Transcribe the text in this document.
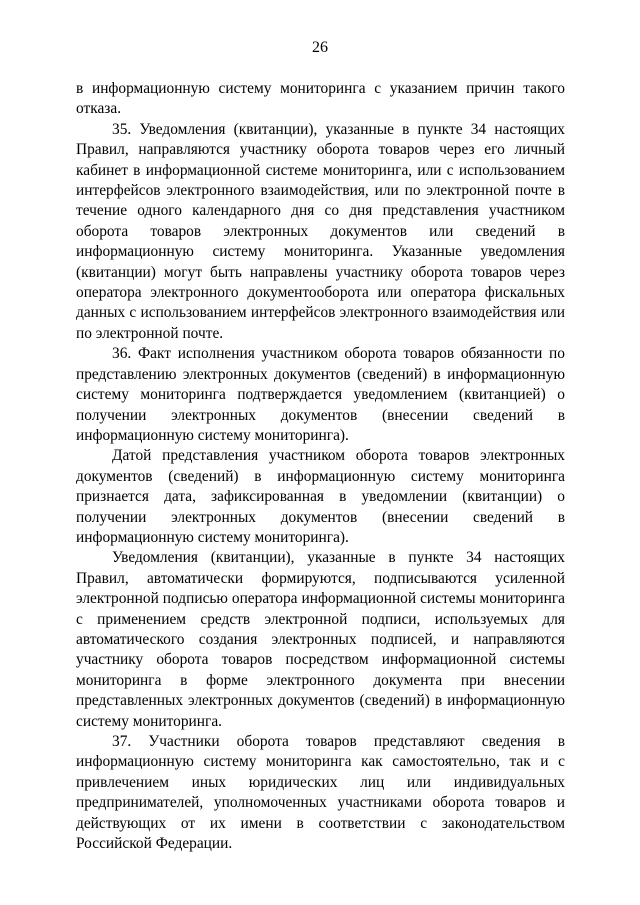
26

в информационную систему мониторинга с указанием причин такого отказа.

35. Уведомления (квитанции), указанные в пункте 34 настоящих Правил, направляются участнику оборота товаров через его личный кабинет в информационной системе мониторинга, или с использованием интерфейсов электронного взаимодействия, или по электронной почте в течение одного календарного дня со дня представления участником оборота товаров электронных документов или сведений в информационную систему мониторинга. Указанные уведомления (квитанции) могут быть направлены участнику оборота товаров через оператора электронного документооборота или оператора фискальных данных с использованием интерфейсов электронного взаимодействия или по электронной почте.

36. Факт исполнения участником оборота товаров обязанности по представлению электронных документов (сведений) в информационную систему мониторинга подтверждается уведомлением (квитанцией) о получении электронных документов (внесении сведений в информационную систему мониторинга).

Датой представления участником оборота товаров электронных документов (сведений) в информационную систему мониторинга признается дата, зафиксированная в уведомлении (квитанции) о получении электронных документов (внесении сведений в информационную систему мониторинга).

Уведомления (квитанции), указанные в пункте 34 настоящих Правил, автоматически формируются, подписываются усиленной электронной подписью оператора информационной системы мониторинга с применением средств электронной подписи, используемых для автоматического создания электронных подписей, и направляются участнику оборота товаров посредством информационной системы мониторинга в форме электронного документа при внесении представленных электронных документов (сведений) в информационную систему мониторинга.

37. Участники оборота товаров представляют сведения в информационную систему мониторинга как самостоятельно, так и с привлечением иных юридических лиц или индивидуальных предпринимателей, уполномоченных участниками оборота товаров и действующих от их имени в соответствии с законодательством Российской Федерации.
